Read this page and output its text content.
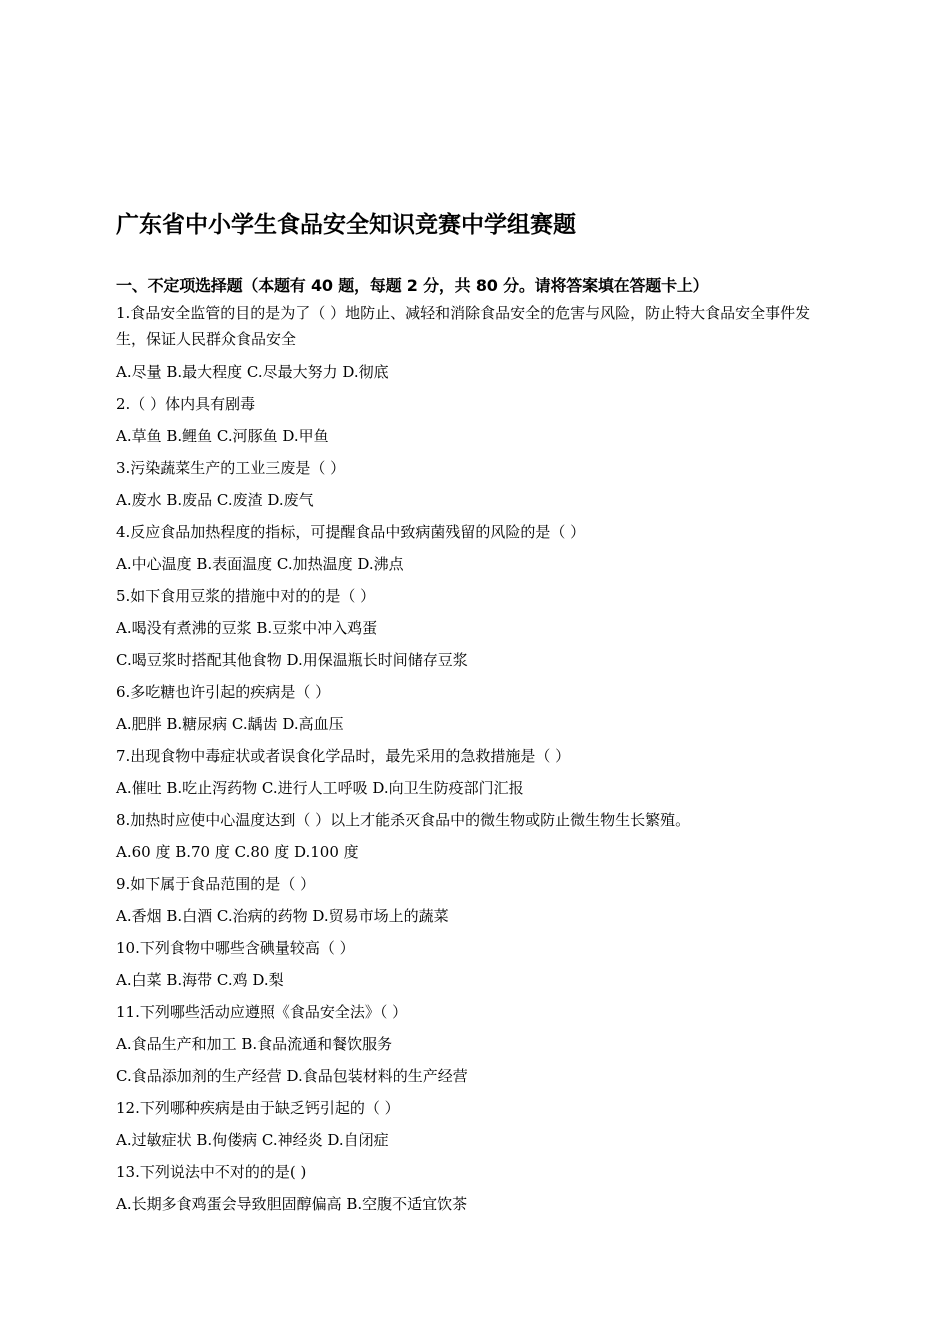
广东省中小学生食品安全知识竞赛中学组赛题
一、不定项选择题（本题有 40 题，每题 2 分，共 80 分。请将答案填在答题卡上）

1.食品安全监管的目的是为了（ ）地防止、减轻和消除食品安全的危害与风险，防止特大食品安全事件发生，保证人民群众食品安全

A.尽量 B.最大程度 C.尽最大努力 D.彻底

2.（ ）体内具有剧毒

A.草鱼 B.鲤鱼 C.河豚鱼 D.甲鱼

3.污染蔬菜生产的工业三废是（ ）

A.废水 B.废品 C.废渣 D.废气

4.反应食品加热程度的指标，可提醒食品中致病菌残留的风险的是（ ）

A.中心温度 B.表面温度 C.加热温度 D.沸点

5.如下食用豆浆的措施中对的的是（ ）

A.喝没有煮沸的豆浆 B.豆浆中冲入鸡蛋

C.喝豆浆时搭配其他食物 D.用保温瓶长时间储存豆浆

6.多吃糖也许引起的疾病是（ ）

A.肥胖 B.糖尿病 C.龋齿 D.高血压

7.出现食物中毒症状或者误食化学品时，最先采用的急救措施是（ ）

A.催吐 B.吃止泻药物 C.进行人工呼吸 D.向卫生防疫部门汇报

8.加热时应使中心温度达到（ ）以上才能杀灭食品中的微生物或防止微生物生长繁殖。

A.60 度 B.70 度 C.80 度 D.100 度

9.如下属于食品范围的是（ ）

A.香烟 B.白酒 C.治病的药物 D.贸易市场上的蔬菜

10.下列食物中哪些含碘量较高（ ）

A.白菜 B.海带 C.鸡 D.梨

11.下列哪些活动应遵照《食品安全法》（ ）

A.食品生产和加工 B.食品流通和餐饮服务

C.食品添加剂的生产经营 D.食品包装材料的生产经营

12.下列哪种疾病是由于缺乏钙引起的（ ）

A.过敏症状 B.佝偻病 C.神经炎 D.自闭症

13.下列说法中不对的的是( )

A.长期多食鸡蛋会导致胆固醇偏高 B.空腹不适宜饮茶
